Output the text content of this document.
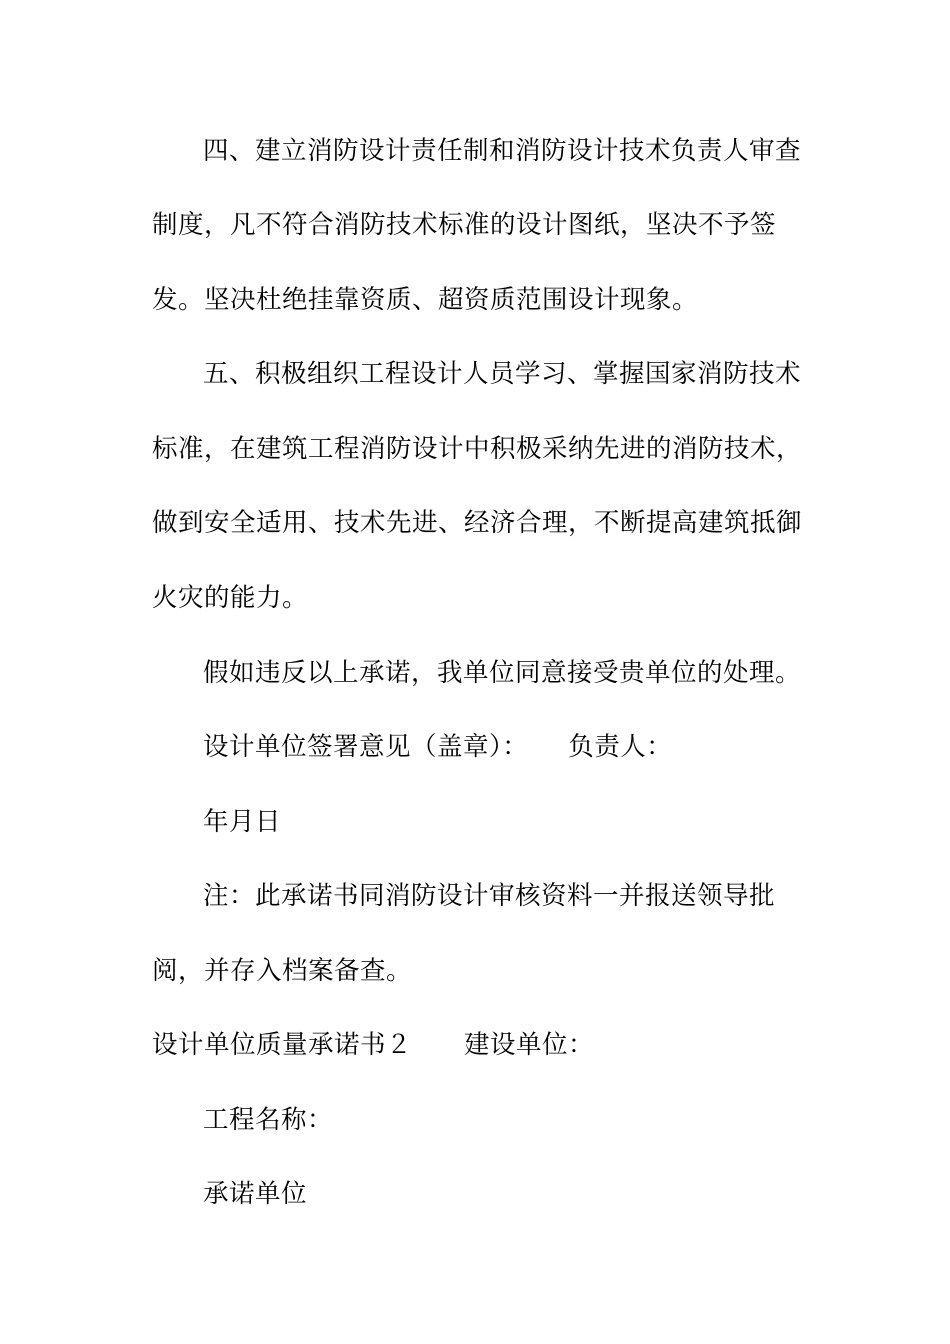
四、建立消防设计责任制和消防设计技术负责人审查
制度，凡不符合消防技术标准的设计图纸，坚决不予签
发。坚决杜绝挂靠资质、超资质范围设计现象。
五、积极组织工程设计人员学习、掌握国家消防技术
标准，在建筑工程消防设计中积极采纳先进的消防技术，
做到安全适用、技术先进、经济合理，不断提高建筑抵御
火灾的能力。
假如违反以上承诺，我单位同意接受贵单位的处理。
设计单位签署意见（盖章）： 负责人：
年月日
注：此承诺书同消防设计审核资料一并报送领导批
阅，并存入档案备查。
设计单位质量承诺书２ 建设单位：
工程名称：
承诺单位
